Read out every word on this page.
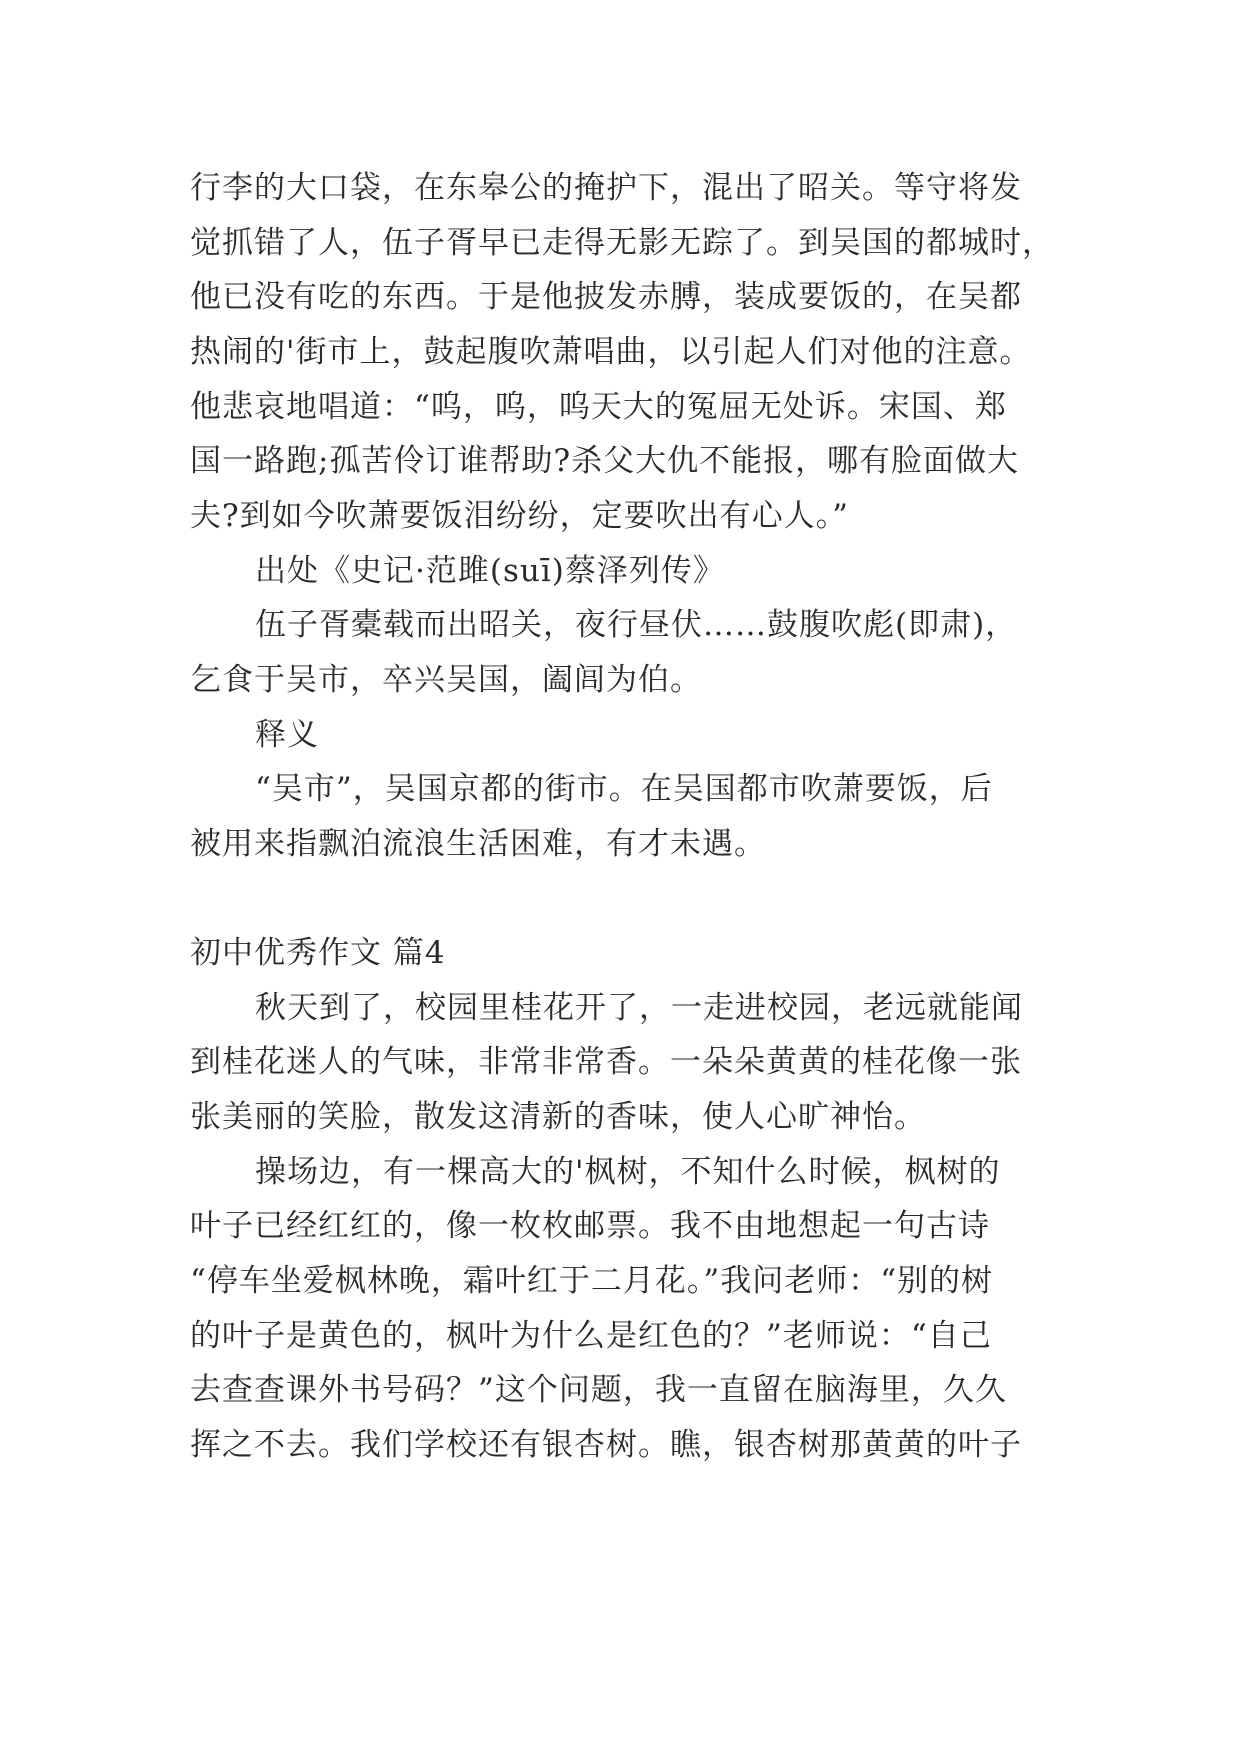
行李的大口袋，在东皋公的掩护下，混出了昭关。等守将发
觉抓错了人，伍子胥早已走得无影无踪了。到吴国的都城时，
他已没有吃的东西。于是他披发赤膊，装成要饭的，在吴都
热闹的'街市上，鼓起腹吹萧唱曲，以引起人们对他的注意。
他悲哀地唱道：“呜，呜，呜天大的冤屈无处诉。宋国、郑
国一路跑;孤苦伶订谁帮助?杀父大仇不能报，哪有脸面做大
夫?到如今吹萧要饭泪纷纷，定要吹出有心人。”
出处《史记·范雎(suī)蔡泽列传》
伍子胥橐载而出昭关，夜行昼伏……鼓腹吹彪(即肃)，
乞食于吴市，卒兴吴国，阖闾为伯。
释义
“吴市”，吴国京都的街市。在吴国都市吹萧要饭，后
被用来指飘泊流浪生活困难，有才未遇。
初中优秀作文 篇4
秋天到了，校园里桂花开了，一走进校园，老远就能闻
到桂花迷人的气味，非常非常香。一朵朵黄黄的桂花像一张
张美丽的笑脸，散发这清新的香味，使人心旷神怡。
操场边，有一棵高大的'枫树，不知什么时候，枫树的
叶子已经红红的，像一枚枚邮票。我不由地想起一句古诗
“停车坐爱枫林晚，霜叶红于二月花。”我问老师：“别的树
的叶子是黄色的，枫叶为什么是红色的？”老师说：“自己
去查查课外书号码？”这个问题，我一直留在脑海里，久久
挥之不去。我们学校还有银杏树。瞧，银杏树那黄黄的叶子
